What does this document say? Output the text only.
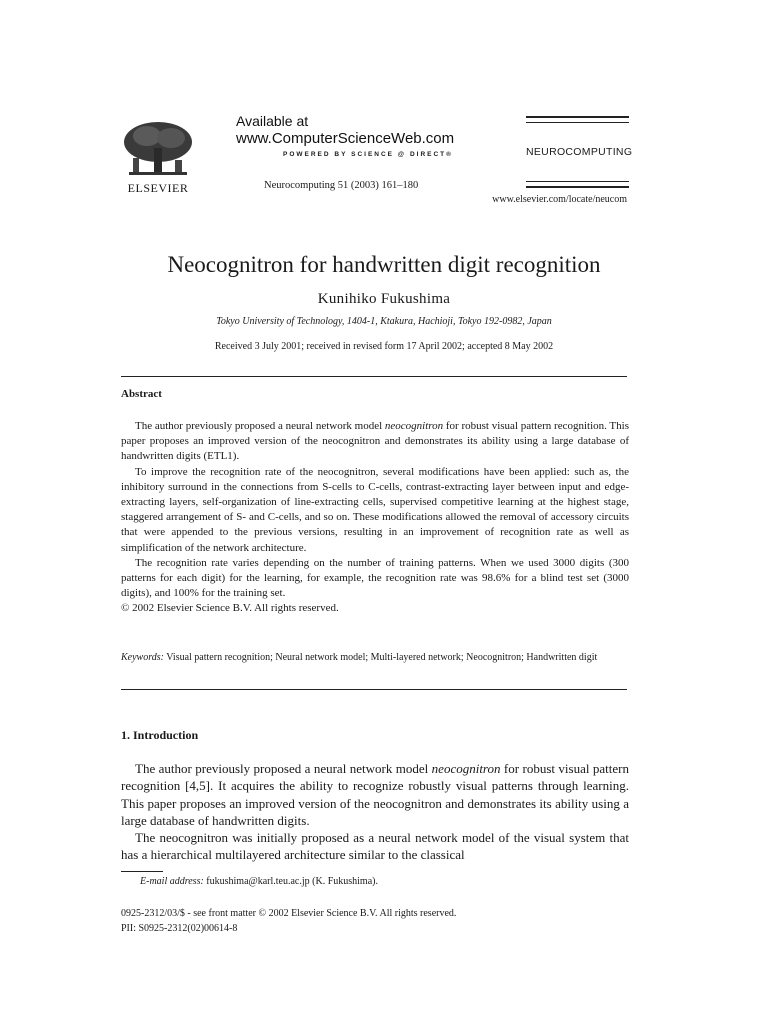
ELSEVIER
Available at
www.ComputerScienceWeb.com
POWERED BY SCIENCE @ DIRECT®
Neurocomputing 51 (2003) 161–180
NEUROCOMPUTING
www.elsevier.com/locate/neucom
Neocognitron for handwritten digit recognition
Kunihiko Fukushima
Tokyo University of Technology, 1404-1, Ktakura, Hachioji, Tokyo 192-0982, Japan
Received 3 July 2001; received in revised form 17 April 2002; accepted 8 May 2002
Abstract

The author previously proposed a neural network model neocognitron for robust visual pattern recognition. This paper proposes an improved version of the neocognitron and demonstrates its ability using a large database of handwritten digits (ETL1).

To improve the recognition rate of the neocognitron, several modifications have been applied: such as, the inhibitory surround in the connections from S-cells to C-cells, contrast-extracting layer between input and edge-extracting layers, self-organization of line-extracting cells, supervised competitive learning at the highest stage, staggered arrangement of S- and C-cells, and so on. These modifications allowed the removal of accessory circuits that were appended to the previous versions, resulting in an improvement of recognition rate as well as simplification of the network architecture.

The recognition rate varies depending on the number of training patterns. When we used 3000 digits (300 patterns for each digit) for the learning, for example, the recognition rate was 98.6% for a blind test set (3000 digits), and 100% for the training set.

© 2002 Elsevier Science B.V. All rights reserved.

Keywords: Visual pattern recognition; Neural network model; Multi-layered network; Neocognitron; Handwritten digit
1. Introduction

The author previously proposed a neural network model neocognitron for robust visual pattern recognition [4,5]. It acquires the ability to recognize robustly visual patterns through learning. This paper proposes an improved version of the neocognitron and demonstrates its ability using a large database of handwritten digits.

The neocognitron was initially proposed as a neural network model of the visual system that has a hierarchical multilayered architecture similar to the classical

E-mail address: fukushima@karl.teu.ac.jp (K. Fukushima).
0925-2312/03/$ - see front matter © 2002 Elsevier Science B.V. All rights reserved.
PII: S0925-2312(02)00614-8
